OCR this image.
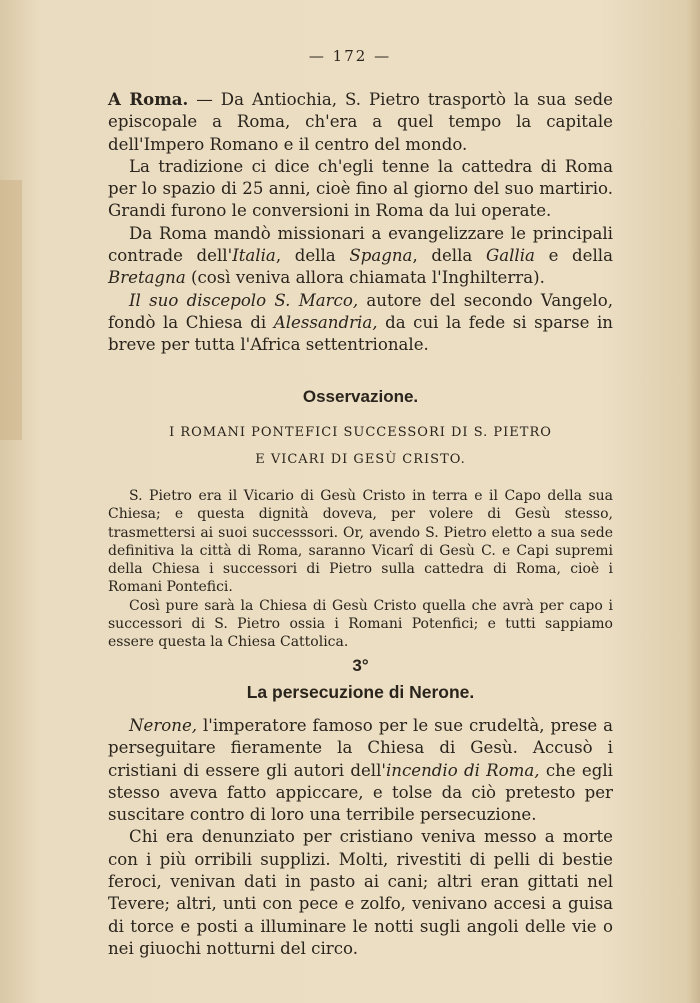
— 172 —

A Roma. — Da Antiochia, S. Pietro trasportò la sua sede episcopale a Roma, ch'era a quel tempo la capitale dell'Impero Romano e il centro del mondo.

La tradizione ci dice ch'egli tenne la cattedra di Roma per lo spazio di 25 anni, cioè fino al giorno del suo martirio. Grandi furono le conversioni in Roma da lui operate.

Da Roma mandò missionari a evangelizzare le principali contrade dell'Italia, della Spagna, della Gallia e della Bretagna (così veniva allora chiamata l'Inghilterra).

Il suo discepolo S. Marco, autore del secondo Vangelo, fondò la Chiesa di Alessandria, da cui la fede si sparse in breve per tutta l'Africa settentrionale.

Osservazione.

I ROMANI PONTEFICI SUCCESSORI DI S. PIETRO

E VICARI DI GESÙ CRISTO.

S. Pietro era il Vicario di Gesù Cristo in terra e il Capo della sua Chiesa; e questa dignità doveva, per volere di Gesù stesso, trasmettersi ai suoi successsori. Or, avendo S. Pietro eletto a sua sede definitiva la città di Roma, saranno Vicarî di Gesù C. e Capi supremi della Chiesa i successori di Pietro sulla cattedra di Roma, cioè i Romani Pontefici.

Così pure sarà la Chiesa di Gesù Cristo quella che avrà per capo i successori di S. Pietro ossia i Romani Potenfici; e tutti sappiamo essere questa la Chiesa Cattolica.

3°

La persecuzione di Nerone.

Nerone, l'imperatore famoso per le sue crudeltà, prese a perseguitare fieramente la Chiesa di Gesù. Accusò i cristiani di essere gli autori dell'incendio di Roma, che egli stesso aveva fatto appiccare, e tolse da ciò pretesto per suscitare contro di loro una terribile persecuzione.

Chi era denunziato per cristiano veniva messo a morte con i più orribili supplizi. Molti, rivestiti di pelli di bestie feroci, venivan dati in pasto ai cani; altri eran gittati nel Tevere; altri, unti con pece e zolfo, venivano accesi a guisa di torce e posti a illuminare le notti sugli angoli delle vie o nei giuochi notturni del circo.
